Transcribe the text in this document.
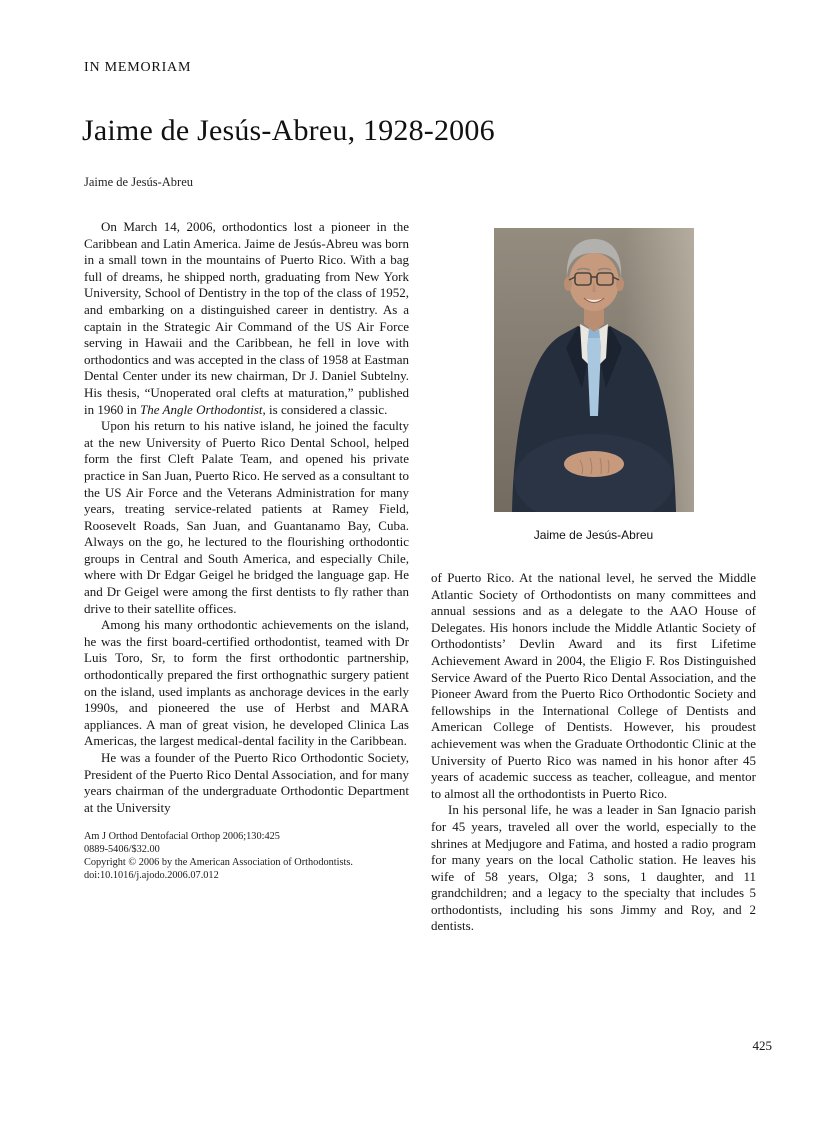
IN MEMORIAM
Jaime de Jesús-Abreu, 1928-2006
Jaime de Jesús-Abreu

On March 14, 2006, orthodontics lost a pioneer in the Caribbean and Latin America. Jaime de Jesús-Abreu was born in a small town in the mountains of Puerto Rico. With a bag full of dreams, he shipped north, graduating from New York University, School of Dentistry in the top of the class of 1952, and embarking on a distinguished career in dentistry. As a captain in the Strategic Air Command of the US Air Force serving in Hawaii and the Caribbean, he fell in love with orthodontics and was accepted in the class of 1958 at Eastman Dental Center under its new chairman, Dr J. Daniel Subtelny. His thesis, “Unoperated oral clefts at maturation,” published in 1960 in The Angle Orthodontist, is considered a classic.

Upon his return to his native island, he joined the faculty at the new University of Puerto Rico Dental School, helped form the first Cleft Palate Team, and opened his private practice in San Juan, Puerto Rico. He served as a consultant to the US Air Force and the Veterans Administration for many years, treating service-related patients at Ramey Field, Roosevelt Roads, San Juan, and Guantanamo Bay, Cuba. Always on the go, he lectured to the flourishing orthodontic groups in Central and South America, and especially Chile, where with Dr Edgar Geigel he bridged the language gap. He and Dr Geigel were among the first dentists to fly rather than drive to their satellite offices.

Among his many orthodontic achievements on the island, he was the first board-certified orthodontist, teamed with Dr Luis Toro, Sr, to form the first orthodontic partnership, orthodontically prepared the first orthognathic surgery patient on the island, used implants as anchorage devices in the early 1990s, and pioneered the use of Herbst and MARA appliances. A man of great vision, he developed Clinica Las Americas, the largest medical-dental facility in the Caribbean.

He was a founder of the Puerto Rico Orthodontic Society, President of the Puerto Rico Dental Association, and for many years chairman of the undergraduate Orthodontic Department at the University

Am J Orthod Dentofacial Orthop 2006;130:425
0889-5406/$32.00
Copyright © 2006 by the American Association of Orthodontists.
doi:10.1016/j.ajodo.2006.07.012
Jaime de Jesús-Abreu

of Puerto Rico. At the national level, he served the Middle Atlantic Society of Orthodontists on many committees and annual sessions and as a delegate to the AAO House of Delegates. His honors include the Middle Atlantic Society of Orthodontists’ Devlin Award and its first Lifetime Achievement Award in 2004, the Eligio F. Ros Distinguished Service Award of the Puerto Rico Dental Association, and the Pioneer Award from the Puerto Rico Orthodontic Society and fellowships in the International College of Dentists and American College of Dentists. However, his proudest achievement was when the Graduate Orthodontic Clinic at the University of Puerto Rico was named in his honor after 45 years of academic success as teacher, colleague, and mentor to almost all the orthodontists in Puerto Rico.

In his personal life, he was a leader in San Ignacio parish for 45 years, traveled all over the world, especially to the shrines at Medjugore and Fatima, and hosted a radio program for many years on the local Catholic station. He leaves his wife of 58 years, Olga; 3 sons, 1 daughter, and 11 grandchildren; and a legacy to the specialty that includes 5 orthodontists, including his sons Jimmy and Roy, and 2 dentists.

425
